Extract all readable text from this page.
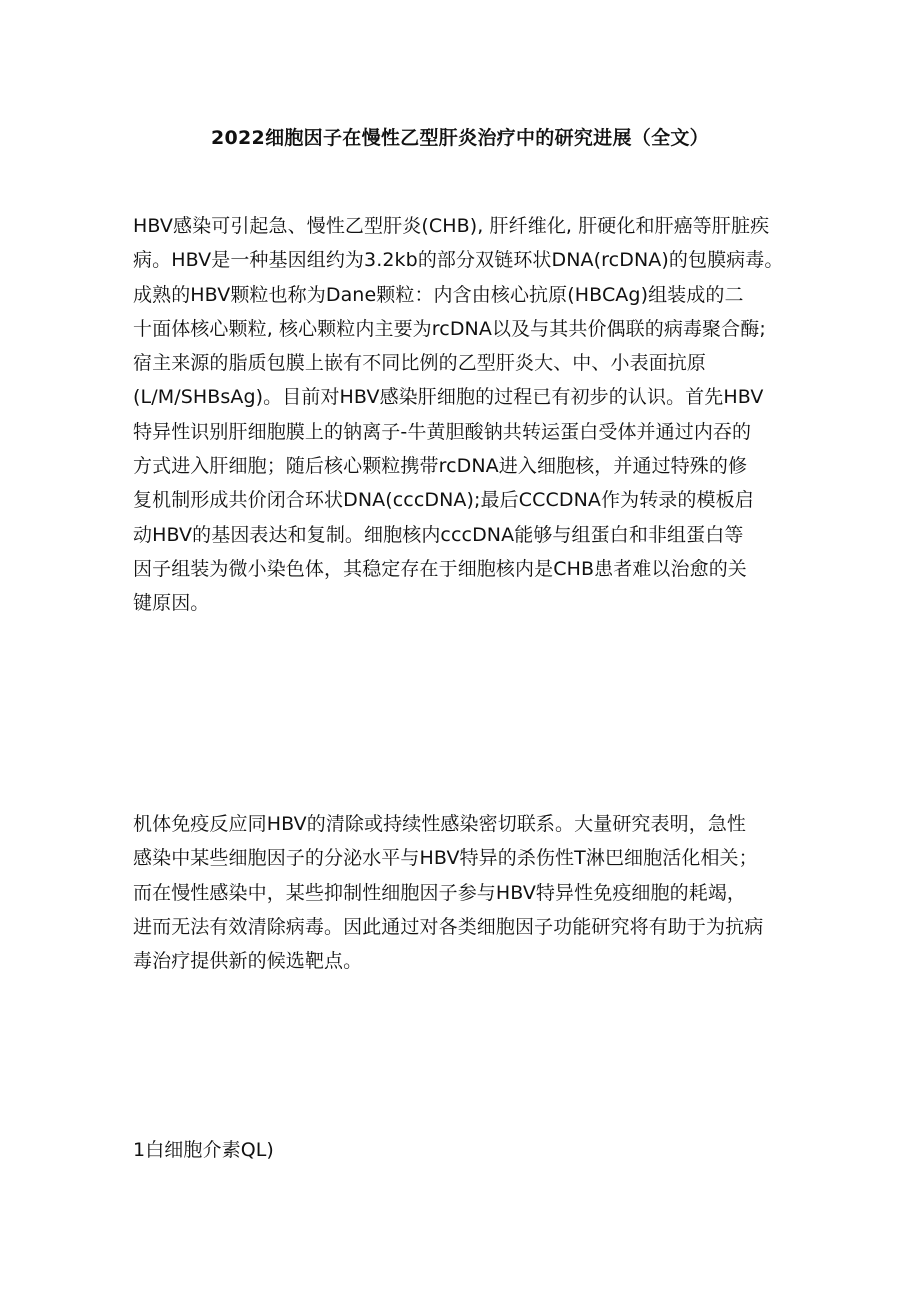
2022细胞因子在慢性乙型肝炎治疗中的研究进展（全文）
HBV感染可引起急、慢性乙型肝炎(CHB), 肝纤维化, 肝硬化和肝癌等肝脏疾
病。HBV是一种基因组约为3.2kb的部分双链环状DNA(rcDNA)的包膜病毒。
成熟的HBV颗粒也称为Dane颗粒：内含由核心抗原(HBCAg)组装成的二
十面体核心颗粒, 核心颗粒内主要为rcDNA以及与其共价偶联的病毒聚合酶;
宿主来源的脂质包膜上嵌有不同比例的乙型肝炎大、中、小表面抗原
(L/M/SHBsAg)。目前对HBV感染肝细胞的过程已有初步的认识。首先HBV
特异性识别肝细胞膜上的钠离子-牛黄胆酸钠共转运蛋白受体并通过内吞的
方式进入肝细胞；随后核心颗粒携带rcDNA进入细胞核，并通过特殊的修
复机制形成共价闭合环状DNA(cccDNA);最后CCCDNA作为转录的模板启
动HBV的基因表达和复制。细胞核内cccDNA能够与组蛋白和非组蛋白等
因子组装为微小染色体，其稳定存在于细胞核内是CHB患者难以治愈的关
键原因。
机体免疫反应同HBV的清除或持续性感染密切联系。大量研究表明，急性
感染中某些细胞因子的分泌水平与HBV特异的杀伤性T淋巴细胞活化相关；
而在慢性感染中，某些抑制性细胞因子参与HBV特异性免疫细胞的耗竭，
进而无法有效清除病毒。因此通过对各类细胞因子功能研究将有助于为抗病
毒治疗提供新的候选靶点。
1白细胞介素QL)
